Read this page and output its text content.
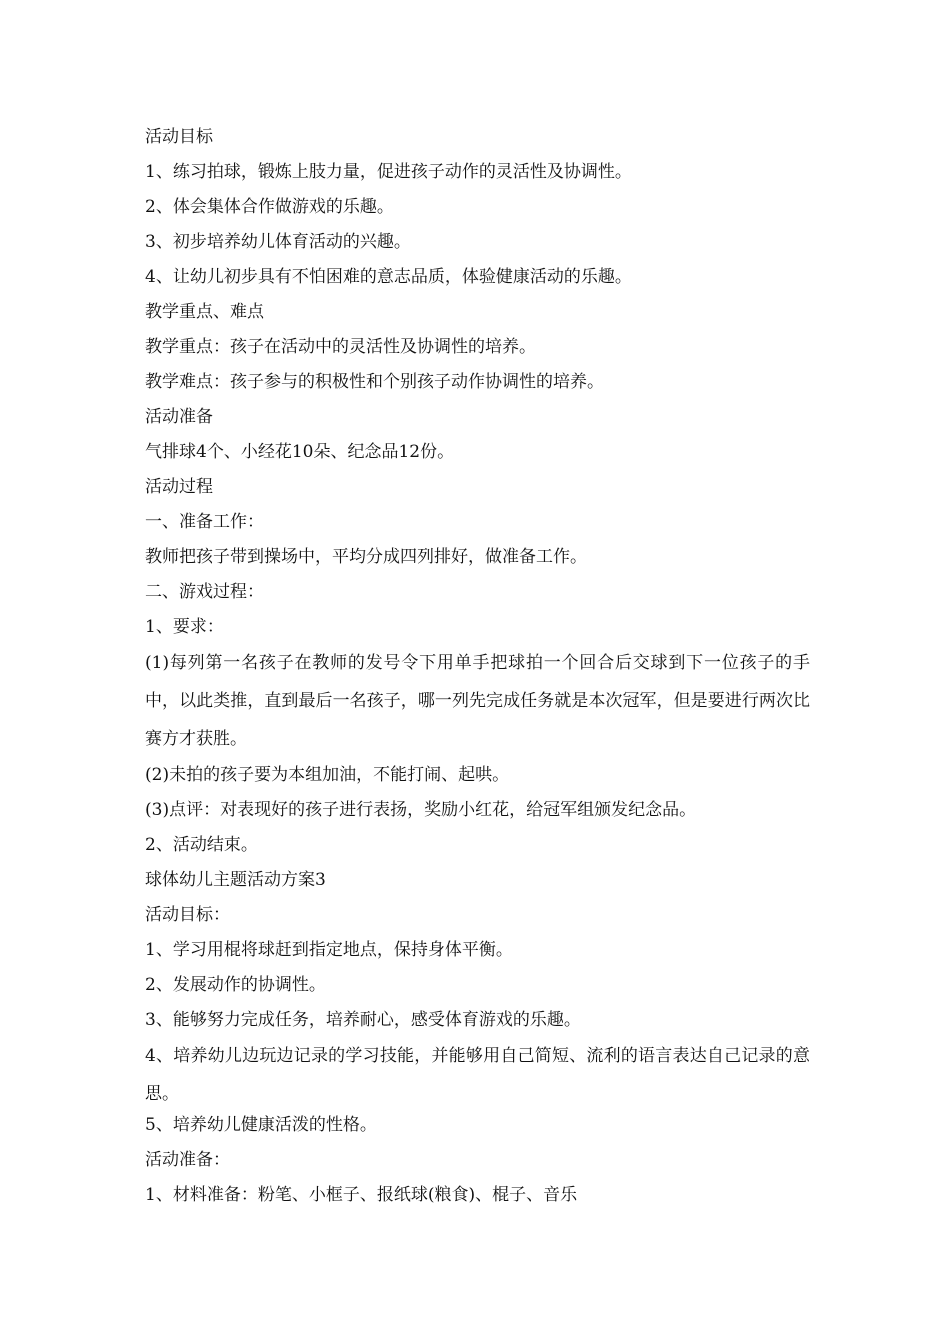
活动目标

1、练习拍球，锻炼上肢力量，促进孩子动作的灵活性及协调性。

2、体会集体合作做游戏的乐趣。

3、初步培养幼儿体育活动的兴趣。

4、让幼儿初步具有不怕困难的意志品质，体验健康活动的乐趣。

教学重点、难点

教学重点：孩子在活动中的灵活性及协调性的培养。

教学难点：孩子参与的积极性和个别孩子动作协调性的培养。

活动准备

气排球4个、小经花10朵、纪念品12份。

活动过程

一、准备工作：

教师把孩子带到操场中，平均分成四列排好，做准备工作。

二、游戏过程：

1、要求：

(1)每列第一名孩子在教师的发号令下用单手把球拍一个回合后交球到下一位孩子的手中，以此类推，直到最后一名孩子，哪一列先完成任务就是本次冠军，但是要进行两次比赛方才获胜。

(2)未拍的孩子要为本组加油，不能打闹、起哄。

(3)点评：对表现好的孩子进行表扬，奖励小红花，给冠军组颁发纪念品。

2、活动结束。

球体幼儿主题活动方案3

活动目标：

1、学习用棍将球赶到指定地点，保持身体平衡。

2、发展动作的协调性。

3、能够努力完成任务，培养耐心，感受体育游戏的乐趣。

4、培养幼儿边玩边记录的学习技能，并能够用自己简短、流利的语言表达自己记录的意思。

5、培养幼儿健康活泼的性格。

活动准备：

1、材料准备：粉笔、小框子、报纸球(粮食)、棍子、音乐
